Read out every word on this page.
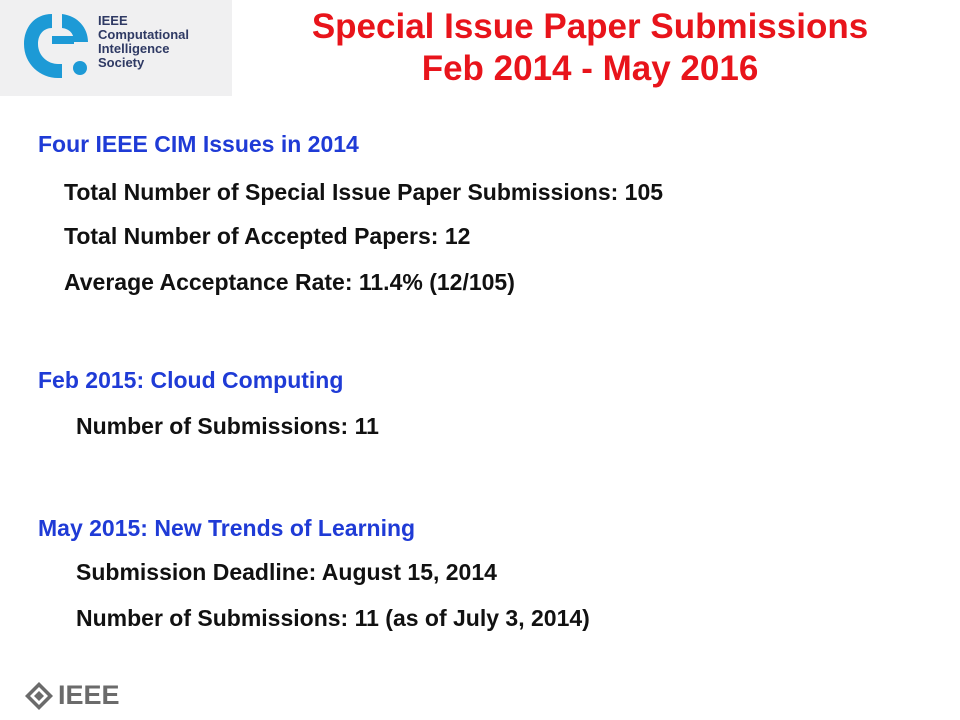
IEEE
Computational
Intelligence
Society
Special Issue Paper Submissions
Feb 2014 - May 2016
Four IEEE CIM Issues in 2014
Total Number of Special Issue Paper Submissions: 105
Total Number of Accepted Papers: 12
Average Acceptance Rate: 11.4% (12/105)
Feb 2015: Cloud Computing
Number of Submissions: 11
May 2015: New Trends of Learning
Submission Deadline: August 15, 2014
Number of Submissions: 11 (as of July 3, 2014)
IEEE
